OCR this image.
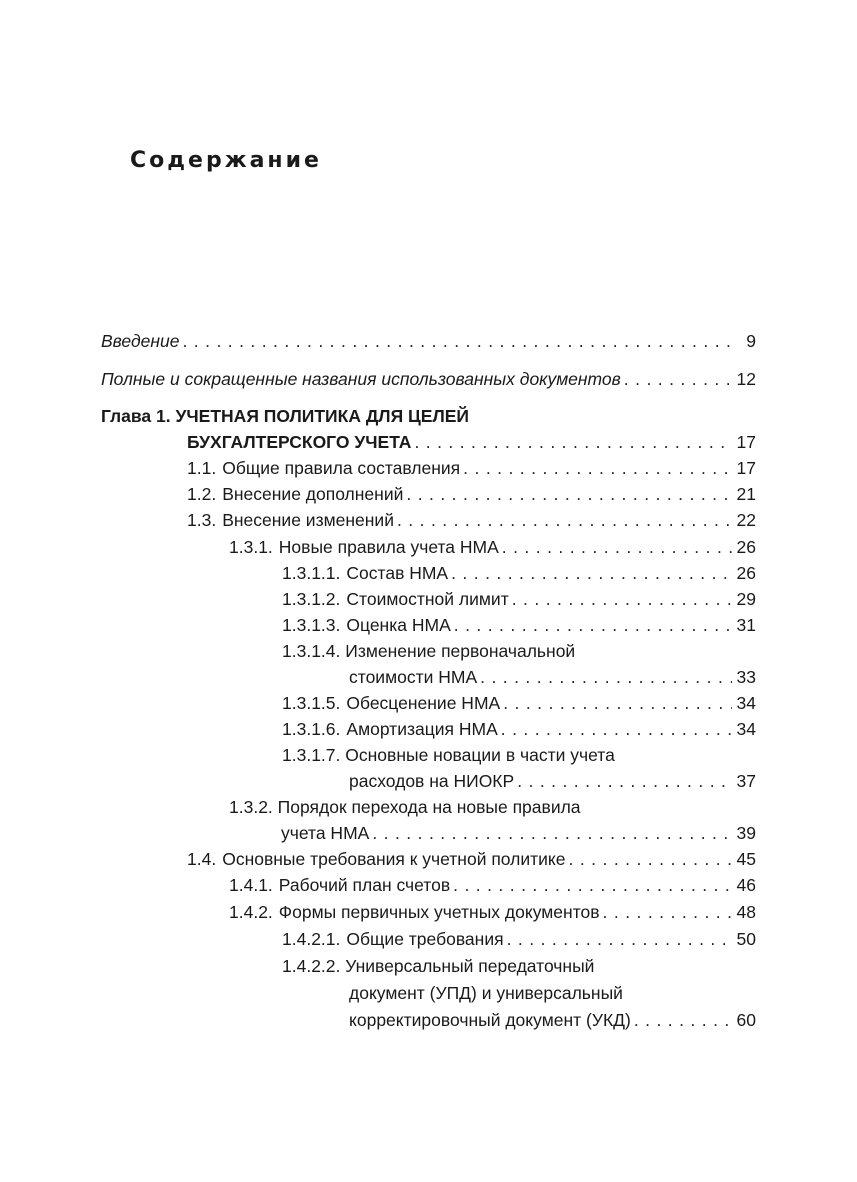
Содержание
Введение . . .	9
Полные и сокращенные названия использованных документов . . .	12
Глава 1. УЧЕТНАЯ ПОЛИТИКА ДЛЯ ЦЕЛЕЙ
БУХГАЛТЕРСКОГО УЧЕТА . . .	17
1.1. Общие правила составления . . .	17
1.2. Внесение дополнений . . .	21
1.3. Внесение изменений . . .	22
1.3.1. Новые правила учета НМА . . .	26
1.3.1.1. Состав НМА . . .	26
1.3.1.2. Стоимостной лимит . . .	29
1.3.1.3. Оценка НМА . . .	31
1.3.1.4. Изменение первоначальной
стоимости НМА . . .	33
1.3.1.5. Обесценение НМА . . .	34
1.3.1.6. Амортизация НМА . . .	34
1.3.1.7. Основные новации в части учета
расходов на НИОКР . . .	37
1.3.2. Порядок перехода на новые правила
учета НМА . . .	39
1.4. Основные требования к учетной политике . . .	45
1.4.1. Рабочий план счетов . . .	46
1.4.2. Формы первичных учетных документов . . .	48
1.4.2.1. Общие требования . . .	50
1.4.2.2. Универсальный передаточный
документ (УПД) и универсальный
корректировочный документ (УКД) . . .	60
